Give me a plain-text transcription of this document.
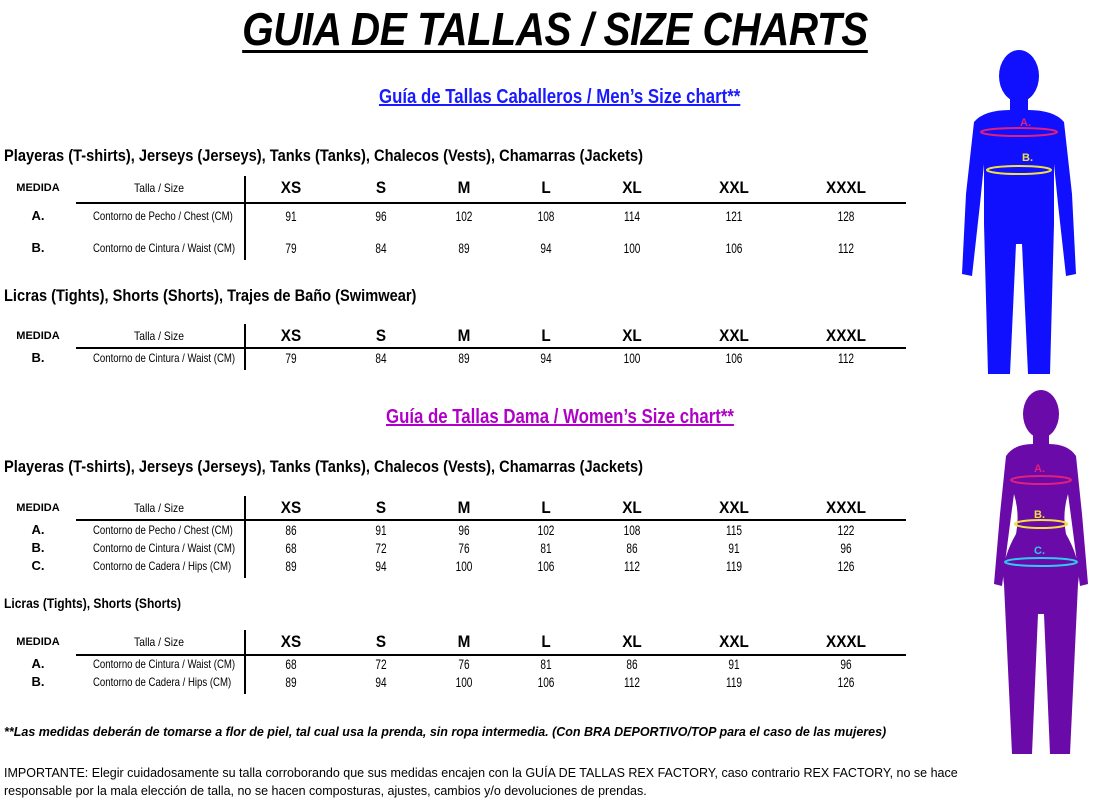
GUIA DE TALLAS / SIZE CHARTS
Guía de Tallas Caballeros / Men’s Size chart**
Playeras (T-shirts), Jerseys (Jerseys), Tanks (Tanks), Chalecos (Vests), Chamarras (Jackets)
MEDIDA	Talla / Size	XS	S	M	L	XL	XXL	XXXL
A.	Contorno de Pecho / Chest (CM)	91	96	102	108	114	121	128
B.	Contorno de Cintura / Waist (CM)	79	84	89	94	100	106	112
Licras (Tights), Shorts (Shorts), Trajes de Baño (Swimwear)
MEDIDA	Talla / Size	XS	S	M	L	XL	XXL	XXXL
B.	Contorno de Cintura / Waist (CM)	79	84	89	94	100	106	112
Guía de Tallas Dama / Women’s Size chart**
Playeras (T-shirts), Jerseys (Jerseys), Tanks (Tanks), Chalecos (Vests), Chamarras (Jackets)
MEDIDA	Talla / Size	XS	S	M	L	XL	XXL	XXXL
A.	Contorno de Pecho / Chest (CM)	86	91	96	102	108	115	122
B.	Contorno de Cintura / Waist (CM)	68	72	76	81	86	91	96
C.	Contorno de Cadera / Hips (CM)	89	94	100	106	112	119	126
Licras (Tights), Shorts (Shorts)
MEDIDA	Talla / Size	XS	S	M	L	XL	XXL	XXXL
A.	Contorno de Cintura / Waist (CM)	68	72	76	81	86	91	96
B.	Contorno de Cadera / Hips (CM)	89	94	100	106	112	119	126
**Las medidas deberán de tomarse a flor de piel, tal cual usa la prenda, sin ropa intermedia. (Con BRA DEPORTIVO/TOP para el caso de las mujeres)
IMPORTANTE: Elegir cuidadosamente su talla corroborando que sus medidas encajen con la GUÍA DE TALLAS REX FACTORY, caso contrario REX FACTORY, no se hace responsable por la mala elección de talla, no se hacen composturas, ajustes, cambios y/o devoluciones de prendas.
A.
B.
A.
B.
C.
